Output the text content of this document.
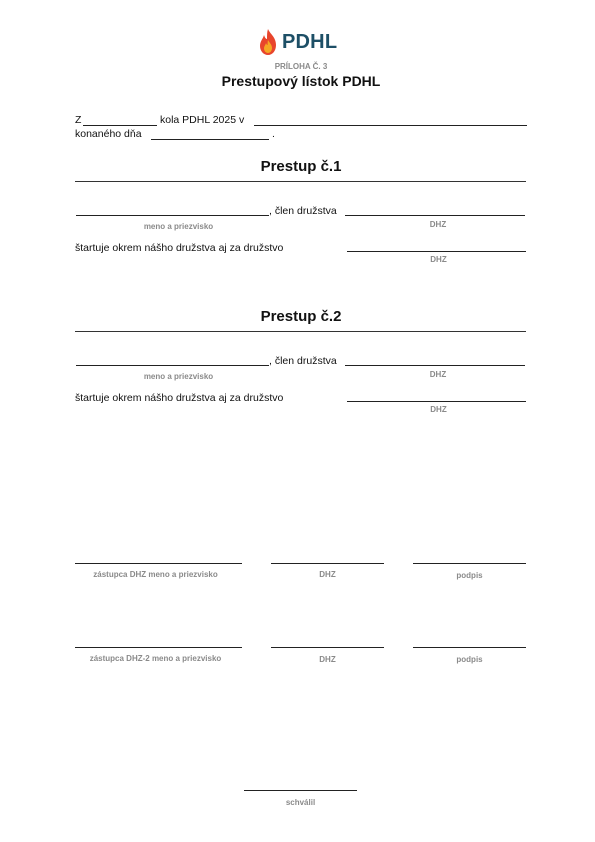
PDHL
PRÍLOHA Č. 3
Prestupový lístok PDHL
Z	kola PDHL 2025 v
konaného dňa	.
Prestup č.1
, člen družstva
meno a priezvisko	DHZ
štartuje okrem nášho družstva aj za družstvo
DHZ
Prestup č.2
, člen družstva
meno a priezvisko	DHZ
štartuje okrem nášho družstva aj za družstvo
DHZ
zástupca DHZ meno a priezvisko	DHZ	podpis
zástupca DHZ-2 meno a priezvisko	DHZ	podpis
schválil
